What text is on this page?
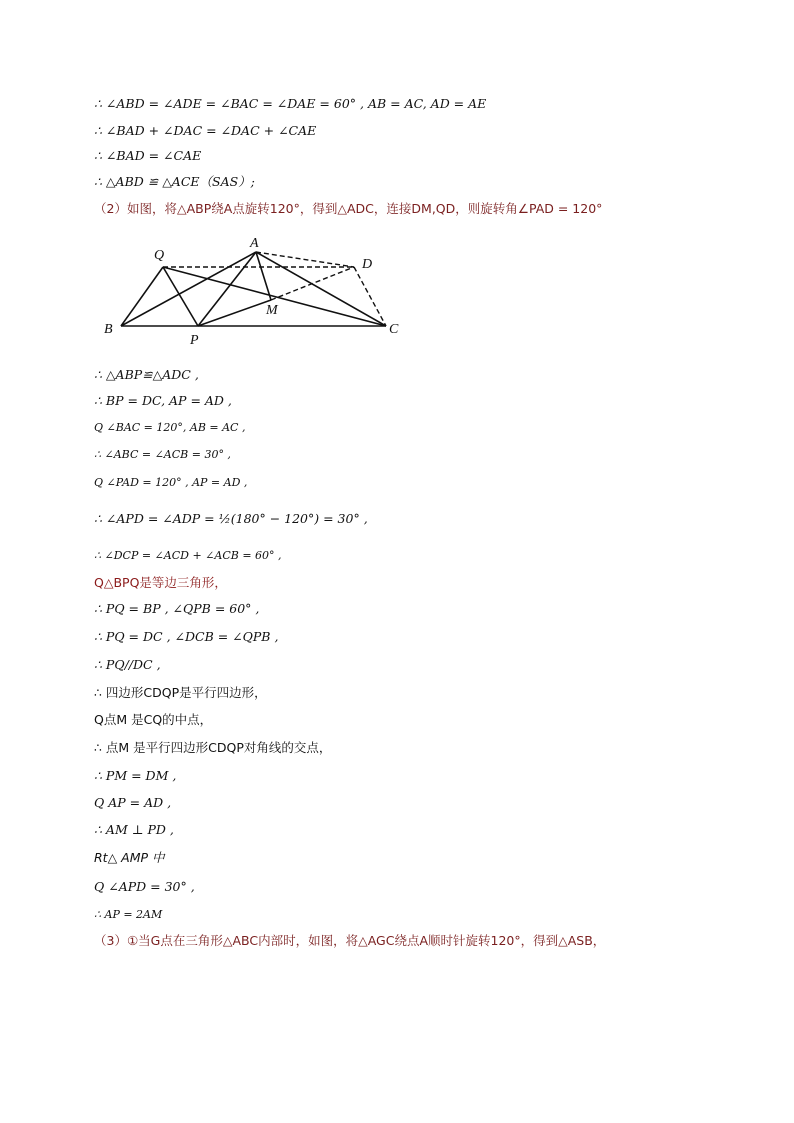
∴ ∠ABD = ∠ADE = ∠BAC = ∠DAE = 60° , AB = AC, AD = AE
∴ ∠BAD + ∠DAC = ∠DAC + ∠CAE
∴ ∠BAD = ∠CAE
∴ △ABD ≌ △ACE（SAS）;
（2）如图，将△ABP绕A点旋转120°，得到△ADC，连接DM,QD，则旋转角∠PAD = 120°
Q
A
D
B
P
M
C
∴ △ABP≌△ADC ,
∴ BP = DC, AP = AD ,
Q ∠BAC = 120°, AB = AC ,
∴ ∠ABC = ∠ACB = 30° ,
Q ∠PAD = 120° , AP = AD ,
∴ ∠APD = ∠ADP = ½(180° − 120°) = 30° ,
∴ ∠DCP = ∠ACD + ∠ACB = 60° ,
Q△BPQ是等边三角形，
∴ PQ = BP , ∠QPB = 60° ,
∴ PQ = DC , ∠DCB = ∠QPB ,
∴ PQ//DC ,
∴ 四边形CDQP是平行四边形，
Q点M 是CQ的中点，
∴ 点M 是平行四边形CDQP对角线的交点，
∴ PM = DM ,
Q AP = AD ,
∴ AM ⊥ PD ,
Rt△ AMP 中
Q ∠APD = 30° ,
∴ AP = 2AM
（3）①当G点在三角形△ABC内部时，如图，将△AGC绕点A顺时针旋转120°，得到△ASB，
